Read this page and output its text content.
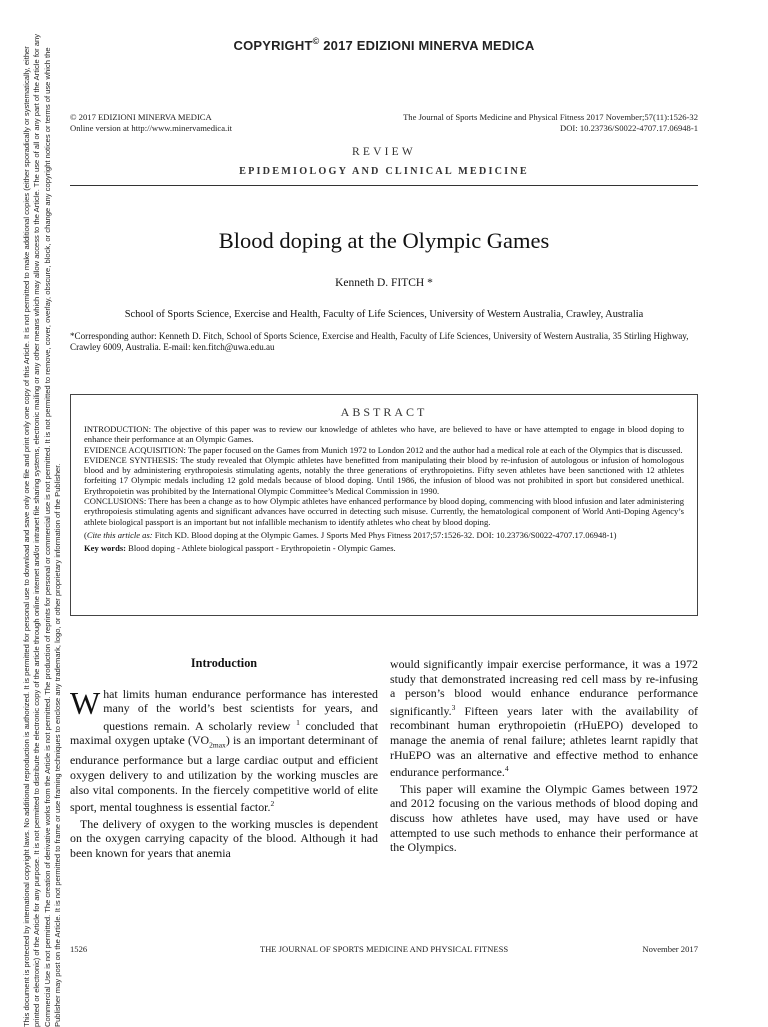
This document is protected by international copyright laws. No additional reproduction is authorized. It is permitted for personal use to download and save only one file and print only one copy of this Article. It is not permitted to make additional copies (either sporadically or systematically, either printed or electronic) of the Article for any purpose. It is not permitted to distribute the electronic copy of the article through online internet and/or intranet file sharing systems, electronic mailing or any other means which may allow access to the Article. The use of all or any part of the Article for any Commercial Use is not permitted. The creation of derivative works from the Article is not permitted. The production of reprints for personal or commercial use is not permitted. It is not permitted to remove, cover, overlay, obscure, block, or change any copyright notices or terms of use which the Publisher may post on the Article. It is not permitted to frame or use framing techniques to enclose any trademark, logo, or other proprietary information of the Publisher.
COPYRIGHT© 2017 EDIZIONI MINERVA MEDICA
© 2017 EDIZIONI MINERVA MEDICA
Online version at http://www.minervamedica.it
The Journal of Sports Medicine and Physical Fitness 2017 November;57(11):1526-32
DOI: 10.23736/S0022-4707.17.06948-1
REVIEW
EPIDEMIOLOGY AND CLINICAL MEDICINE
Blood doping at the Olympic Games
Kenneth D. FITCH *
School of Sports Science, Exercise and Health, Faculty of Life Sciences, University of Western Australia, Crawley, Australia
*Corresponding author: Kenneth D. Fitch, School of Sports Science, Exercise and Health, Faculty of Life Sciences, University of Western Australia, 35 Stirling Highway, Crawley 6009, Australia. E-mail: ken.fitch@uwa.edu.au
ABSTRACT

INTRODUCTION: The objective of this paper was to review our knowledge of athletes who have, are believed to have or have attempted to engage in blood doping to enhance their performance at an Olympic Games.

EVIDENCE ACQUISITION: The paper focused on the Games from Munich 1972 to London 2012 and the author had a medical role at each of the Olympics that is discussed.

EVIDENCE SYNTHESIS: The study revealed that Olympic athletes have benefitted from manipulating their blood by re-infusion of autologous or infusion of homologous blood and by administering erythropoiesis stimulating agents, notably the three generations of erythropoietins. Fifty seven athletes have been sanctioned with 12 athletes forfeiting 17 Olympic medals including 12 gold medals because of blood doping. Until 1986, the infusion of blood was not prohibited in sport but considered unethical. Erythropoietin was prohibited by the International Olympic Committee’s Medical Commission in 1990.

CONCLUSIONS: There has been a change as to how Olympic athletes have enhanced performance by blood doping, commencing with blood infusion and later administering erythropoiesis stimulating agents and significant advances have occurred in detecting such misuse. Currently, the hematological component of World Anti-Doping Agency’s athlete biological passport is an important but not infallible mechanism to identify athletes who cheat by blood doping.

(Cite this article as: Fitch KD. Blood doping at the Olympic Games. J Sports Med Phys Fitness 2017;57:1526-32. DOI: 10.23736/S0022-4707.17.06948-1)

Key words: Blood doping - Athlete biological passport - Erythropoietin - Olympic Games.

Introduction

What limits human endurance performance has interested many of the world’s best scientists for years, and questions remain. A scholarly review $^1$ concluded that maximal oxygen uptake $(VO_{2max})$ is an important determinant of endurance performance but a large cardiac output and efficient oxygen delivery to and utilization by the working muscles are also vital components. In the fiercely competitive world of elite sport, mental toughness is essential factor.$^2$

The delivery of oxygen to the working muscles is dependent on the oxygen carrying capacity of the blood. Although it had been known for years that anemia

would significantly impair exercise performance, it was a 1972 study that demonstrated increasing red cell mass by re-infusing a person’s blood would enhance endurance performance significantly.$^3$ Fifteen years later with the availability of recombinant human erythropoietin (rHuEPO) developed to manage the anemia of renal failure; athletes learnt rapidly that rHuEPO was an alternative and effective method to enhance endurance performance.$^4$

This paper will examine the Olympic Games between 1972 and 2012 focusing on the various methods of blood doping and discuss how athletes have used, may have used or have attempted to use such methods to enhance their performance at the Olympics.

1526	THE JOURNAL OF SPORTS MEDICINE AND PHYSICAL FITNESS	November 2017
